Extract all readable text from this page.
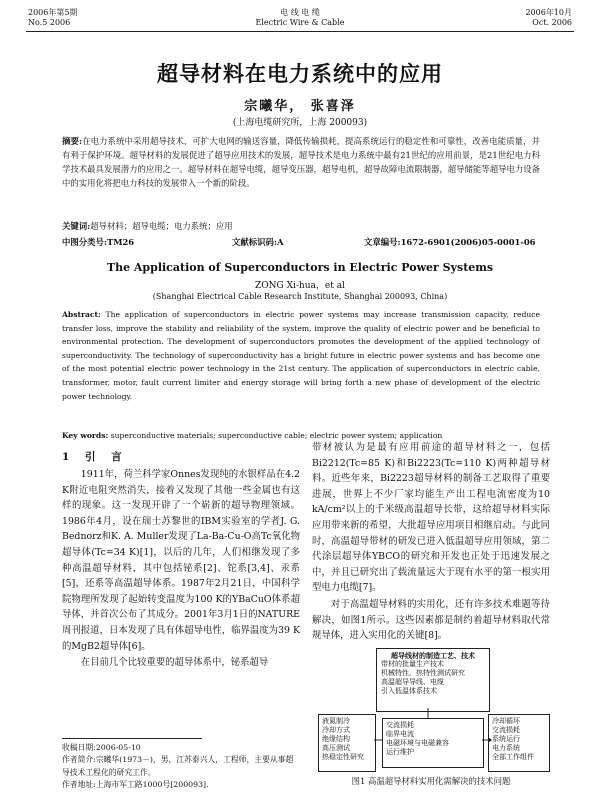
2006年第5期
No.5 2006
电 线 电 缆
Electric Wire & Cable
2006年10月
Oct. 2006
超导材料在电力系统中的应用
宗曦华， 张喜泽
(上海电缆研究所，上海 200093)
摘要:在电力系统中采用超导技术，可扩大电网的输送容量，降低传输损耗，提高系统运行的稳定性和可靠性，改善电能质量，并有利于保护环境。超导材料的发展促进了超导应用技术的发展，超导技术是电力系统中最有21世纪的应用前景，是21世纪电力科学技术最具发展潜力的应用之一。超导材料在超导电缆，超导变压器，超导电机，超导故障电流限制器，超导储能等超导电力设备中的实用化将把电力科技的发展带入一个新的阶段。
关键词:超导材料；超导电缆；电力系统；应用
中图分类号:TM26	文献标识码:A	文章编号:1672-6901(2006)05-0001-06
The Application of Superconductors in Electric Power Systems
ZONG Xi-hua，et al
(Shanghai Electrical Cable Research Institute, Shanghai 200093, China)
Abstract: The application of superconductors in electric power systems may increase transmission capacity, reduce transfer loss, improve the stability and reliability of the system, improve the quality of electric power and be beneficial to environmental protection. The development of superconductors promotes the development of the applied technology of superconductivity. The technology of superconductivity has a bright future in electric power systems and has become one of the most potential electric power technology in the 21st century. The application of superconductors in electric cable, transformer, motor, fault current limiter and energy storage will bring forth a new phase of development of the electric power technology.
Key words: superconductive materials; superconductive cable; electric power system; application
1 引 言

1911年，荷兰科学家Onnes发现纯的水银样品在4.2 K附近电阻突然消失，接着又发现了其他一些金属也有这样的现象。这一发现开辟了一个崭新的超导物理领域。1986年4月，设在瑞士苏黎世的IBM实验室的学者J. G. Bednorz和K. A. Muller发现了La-Ba-Cu-O高Tc氧化物超导体(Tc=34 K)[1]，以后的几年，人们相继发现了多种高温超导材料，其中包括铋系[2]、铊系[3,4]、汞系[5]，还系等高温超导体系。1987年2月21日，中国科学院物理所发现了起始转变温度为100 K的YBaCuO体系超导体，并首次公布了其成分。2001年3月1日的NATURE周刊报道，日本发现了具有体超导电性，临界温度为39 K的MgB2超导体[6]。

在目前几个比较重要的超导体系中，铋系超导

带材被认为是最有应用前途的超导材料之一，包括Bi2212(Tc=85 K)和Bi2223(Tc=110 K)两种超导材料。近些年来，Bi2223超导材料的制备工艺取得了重要进展，世界上不少厂家均能生产出工程电流密度为10 kA/cm²以上的千米级高温超导长带，这给超导材料实际应用带来新的希望，大批超导应用项目相继启动。与此同时，高温超导带材的研发已进入低温超导应用领域，第二代涂层超导体YBCO的研究和开发也正处于迅速发展之中，并且已研究出了载流量远大于现有水平的第一根实用型电力电缆[7]。

对于高温超导材料的实用化，还有许多技术难题等待解决，如图1所示。这些因素都是制约着超导材料取代常规导体，进入实用化的关键[8]。

收稿日期:2006-05-10
作者简介:宗曦华(1973－)，男，江苏泰兴人，工程师，主要从事超导技术工程化的研究工作。
作者地址:上海市军工路1000号[200093].
超导线材的制造工艺、技术
带材的批量生产技术
机械特性、热特性测试研究
高温超导导线、电缆
引入低温体系技术
液氮制冷
冷却方式
绝缘结构
高压测试
热稳定性研究
交流损耗
临界电流
电磁环境与电磁兼容
运行维护
冷却循环
交流损耗
系统运行
电力系统
全部工作组件
图1 高温超导材料实用化需解决的技术问题
